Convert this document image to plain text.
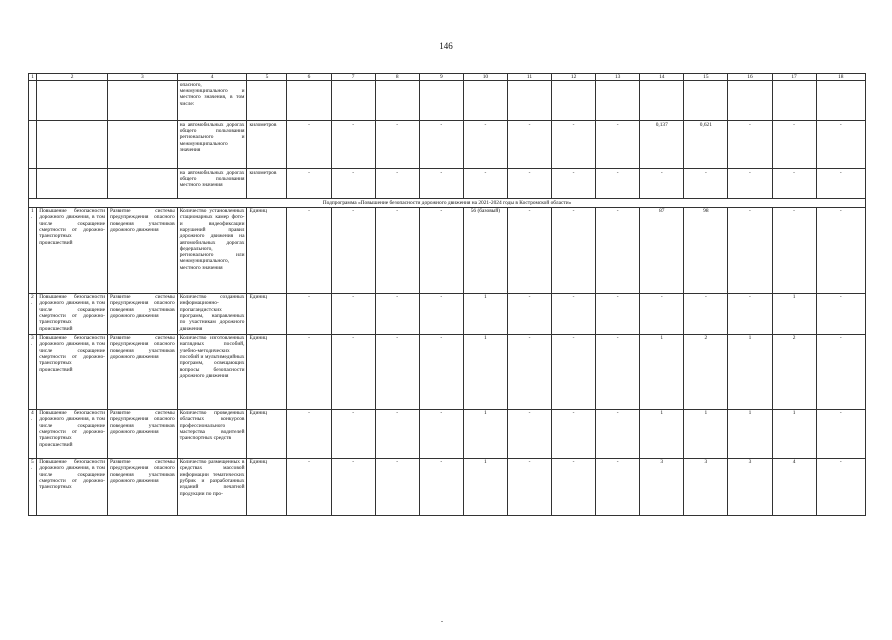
146
1	2	3	4	5	6	7	8	9	10	11	12	13	14	15	16	17	18
			опасного, межмуниципального и местного значения, в том числе:														
			на автомобильных дорогах общего пользования регионального и межмуниципального значения	километров	-	-	-	-	-	-	-	-	0,137	0,621	-	-	-
			на автомобильных дорогах общего пользования местного значения	километров	-	-	-	-	-	-	-	-	-	-	-	-	-
Подпрограмма «Повышение безопасности дорожного движения на 2021-2024 годы в Костромской области»																	
1.	Повышение безопасности дорожного движения, в том числе сокращение смертности от дорожно-транспортных происшествий	Развитие системы предупреждения опасного поведения участников дорожного движения	Количество установленных стационарных камер фото- и видеофиксации нарушений правил дорожного движения на автомобильных дорогах федерального, регионального или межмуниципального, местного значения	Единиц	-	-	-	-	56 (базовый)	-	-	-	87	98	-	-	-
2.	Повышение безопасности дорожного движения, в том числе сокращение смертности от дорожно-транспортных происшествий	Развитие системы предупреждения опасного поведения участников дорожного движения	Количество созданных информационно-пропагандистских программ, направленных по участникам дорожного движения	Единиц	-	-	-	-	1	-	-	-	-	-	-	1	-
3.	Повышение безопасности дорожного движения, в том числе сокращение смертности от дорожно-транспортных происшествий	Развитие системы предупреждения опасного поведения участников дорожного движения	Количество изготовленных наглядных пособий, учебно-методических пособий и мультимедийных программ, освещающих вопросы безопасности дорожного движения	Единиц	-	-	-	-	1	-	-	-	1	2	1	2	-
4.	Повышение безопасности дорожного движения, в том числе сокращение смертности от дорожно-транспортных происшествий	Развитие системы предупреждения опасного поведения участников дорожного движения	Количество проведенных областных конкурсов профессионального мастерства водителей транспортных средств	Единиц	-	-	-	-	1	-	-	-	1	1	1	1	-
5.	Повышение безопасности дорожного движения, в том числе сокращение смертности от дорожно-транспортных	Развитие системы предупреждения опасного поведения участников дорожного движения	Количество размещенных в средствах массовой информации тематических рубрик и разработанных изданий печатной продукции по про-	Единиц	-	-	-	-	1	-	-	-	3	3	3	4	-
